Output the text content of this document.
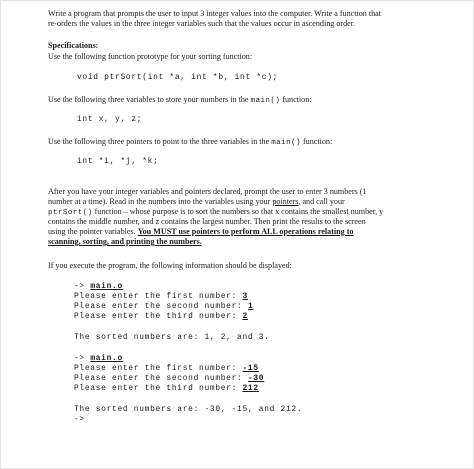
Write a program that prompts the user to input 3 integer values into the computer. Write a function that
re-orders the values in the three integer variables such that the values occur in ascending order.
Specifications:
Use the following function prototype for your sorting function:
void ptrSort(int *a, int *b, int *c);
Use the following three variables to store your numbers in the main() function:
int x, y, z;
Use the following three pointers to point to the three variables in the main() function:
int *i, *j, *k;
After you have your integer variables and pointers declared, prompt the user to enter 3 numbers (1
number at a time). Read in the numbers into the variables using your pointers, and call your
ptrSort() function – whose purpose is to sort the numbers so that x contains the smallest number, y
contains the middle number, and z contains the largest number. Then print the results to the screen
using the pointer variables. You MUST use pointers to perform ALL operations relating to
scanning, sorting, and printing the numbers.
If you execute the program, the following information should be displayed:
-> main.o
Please enter the first number: 3
Please enter the second number: 1
Please enter the third number: 2
The sorted numbers are: 1, 2, and 3.
-> main.o
Please enter the first number: -15
Please enter the second number: -30
Please enter the third number: 212
The sorted numbers are: -30, -15, and 212.
->
